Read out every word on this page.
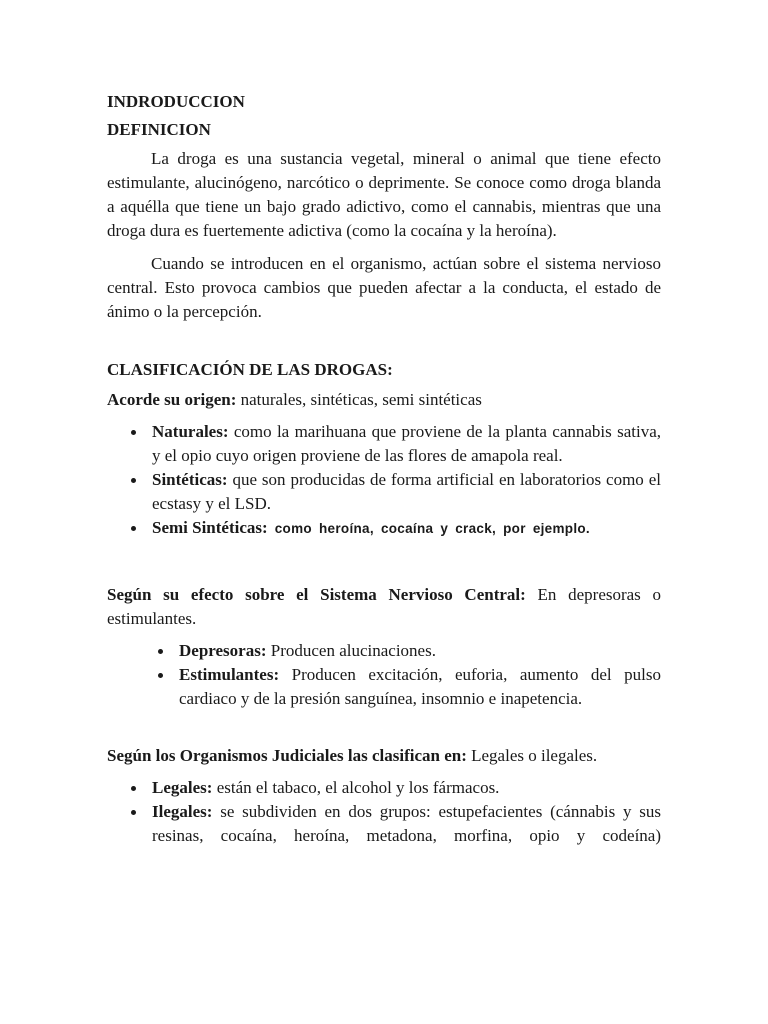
INDRODUCCION

DEFINICION

La droga es una sustancia vegetal, mineral o animal que tiene efecto estimulante, alucinógeno, narcótico o deprimente. Se conoce como droga blanda a aquélla que tiene un bajo grado adictivo, como el cannabis, mientras que una droga dura es fuertemente adictiva (como la cocaína y la heroína).

Cuando se introducen en el organismo, actúan sobre el sistema nervioso central. Esto provoca cambios que pueden afectar a la conducta, el estado de ánimo o la percepción.

CLASIFICACIÓN DE LAS DROGAS:

Acorde su origen: naturales, sintéticas, semi sintéticas

Naturales: como la marihuana que proviene de la planta cannabis sativa, y el opio cuyo origen proviene de las flores de amapola real.
Sintéticas: que son producidas de forma artificial en laboratorios como el ecstasy y el LSD.
Semi Sintéticas: como heroína, cocaína y crack, por ejemplo.

Según su efecto sobre el Sistema Nervioso Central: En depresoras o estimulantes.

Depresoras: Producen alucinaciones.
Estimulantes: Producen excitación, euforia, aumento del pulso cardiaco y de la presión sanguínea, insomnio e inapetencia.

Según los Organismos Judiciales las clasifican en: Legales o ilegales.

Legales: están el tabaco, el alcohol y los fármacos.
Ilegales: se subdividen en dos grupos: estupefacientes (cánnabis y sus resinas, cocaína, heroína, metadona, morfina, opio y codeína)
